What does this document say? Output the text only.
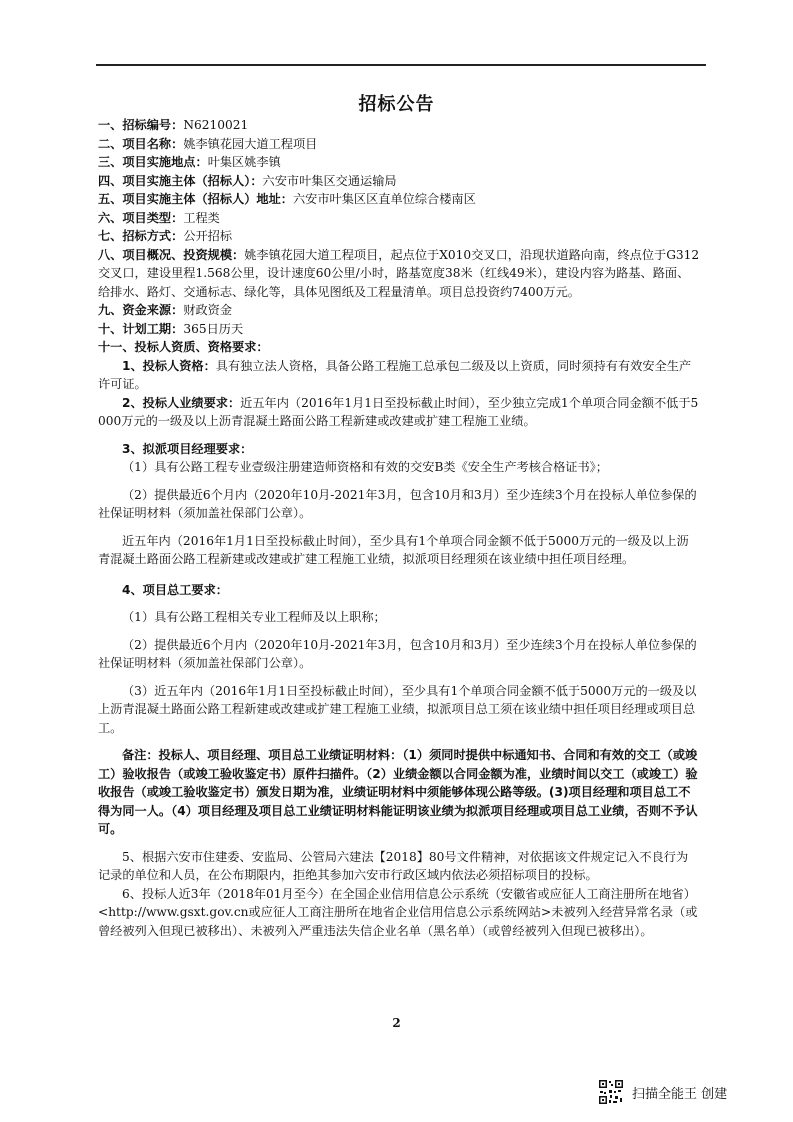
招标公告
一、招标编号：N6210021
二、项目名称：姚李镇花园大道工程项目
三、项目实施地点：叶集区姚李镇
四、项目实施主体（招标人）：六安市叶集区交通运输局
五、项目实施主体（招标人）地址：六安市叶集区区直单位综合楼南区
六、项目类型：工程类
七、招标方式：公开招标

八、项目概况、投资规模：姚李镇花园大道工程项目，起点位于X010交叉口，沿现状道路向南，终点位于G312交叉口，建设里程1.568公里，设计速度60公里/小时，路基宽度38米（红线49米），建设内容为路基、路面、给排水、路灯、交通标志、绿化等，具体见图纸及工程量清单。项目总投资约7400万元。

九、资金来源：财政资金
十、计划工期：365日历天
十一、投标人资质、资格要求：

1、投标人资格：具有独立法人资格，具备公路工程施工总承包二级及以上资质，同时须持有有效安全生产许可证。

2、投标人业绩要求：近五年内（2016年1月1日至投标截止时间），至少独立完成1个单项合同金额不低于5000万元的一级及以上沥青混凝土路面公路工程新建或改建或扩建工程施工业绩。

3、拟派项目经理要求：

（1）具有公路工程专业壹级注册建造师资格和有效的交安B类《安全生产考核合格证书》；

（2）提供最近6个月内（2020年10月-2021年3月，包含10月和3月）至少连续3个月在投标人单位参保的社保证明材料（须加盖社保部门公章）。

近五年内（2016年1月1日至投标截止时间），至少具有1个单项合同金额不低于5000万元的一级及以上沥青混凝土路面公路工程新建或改建或扩建工程施工业绩，拟派项目经理须在该业绩中担任项目经理。

4、项目总工要求：

（1）具有公路工程相关专业工程师及以上职称；

（2）提供最近6个月内（2020年10月-2021年3月，包含10月和3月）至少连续3个月在投标人单位参保的社保证明材料（须加盖社保部门公章）。

（3）近五年内（2016年1月1日至投标截止时间），至少具有1个单项合同金额不低于5000万元的一级及以上沥青混凝土路面公路工程新建或改建或扩建工程施工业绩，拟派项目总工须在该业绩中担任项目经理或项目总工。

备注：投标人、项目经理、项目总工业绩证明材料：（1）须同时提供中标通知书、合同和有效的交工（或竣工）验收报告（或竣工验收鉴定书）原件扫描件。（2）业绩金额以合同金额为准，业绩时间以交工（或竣工）验收报告（或竣工验收鉴定书）颁发日期为准，业绩证明材料中须能够体现公路等级。(3)项目经理和项目总工不得为同一人。（4）项目经理及项目总工业绩证明材料能证明该业绩为拟派项目经理或项目总工业绩，否则不予认可。

5、根据六安市住建委、安监局、公管局六建法【2018】80号文件精神，对依据该文件规定记入不良行为记录的单位和人员，在公布期限内，拒绝其参加六安市行政区域内依法必须招标项目的投标。

6、投标人近3年（2018年01月至今）在全国企业信用信息公示系统（安徽省或应征人工商注册所在地省）<http://www.gsxt.gov.cn或应征人工商注册所在地省企业信用信息公示系统网站>未被列入经营异常名录（或曾经被列入但现已被移出）、未被列入严重违法失信企业名单（黑名单）（或曾经被列入但现已被移出）。

2
扫描全能王 创建
